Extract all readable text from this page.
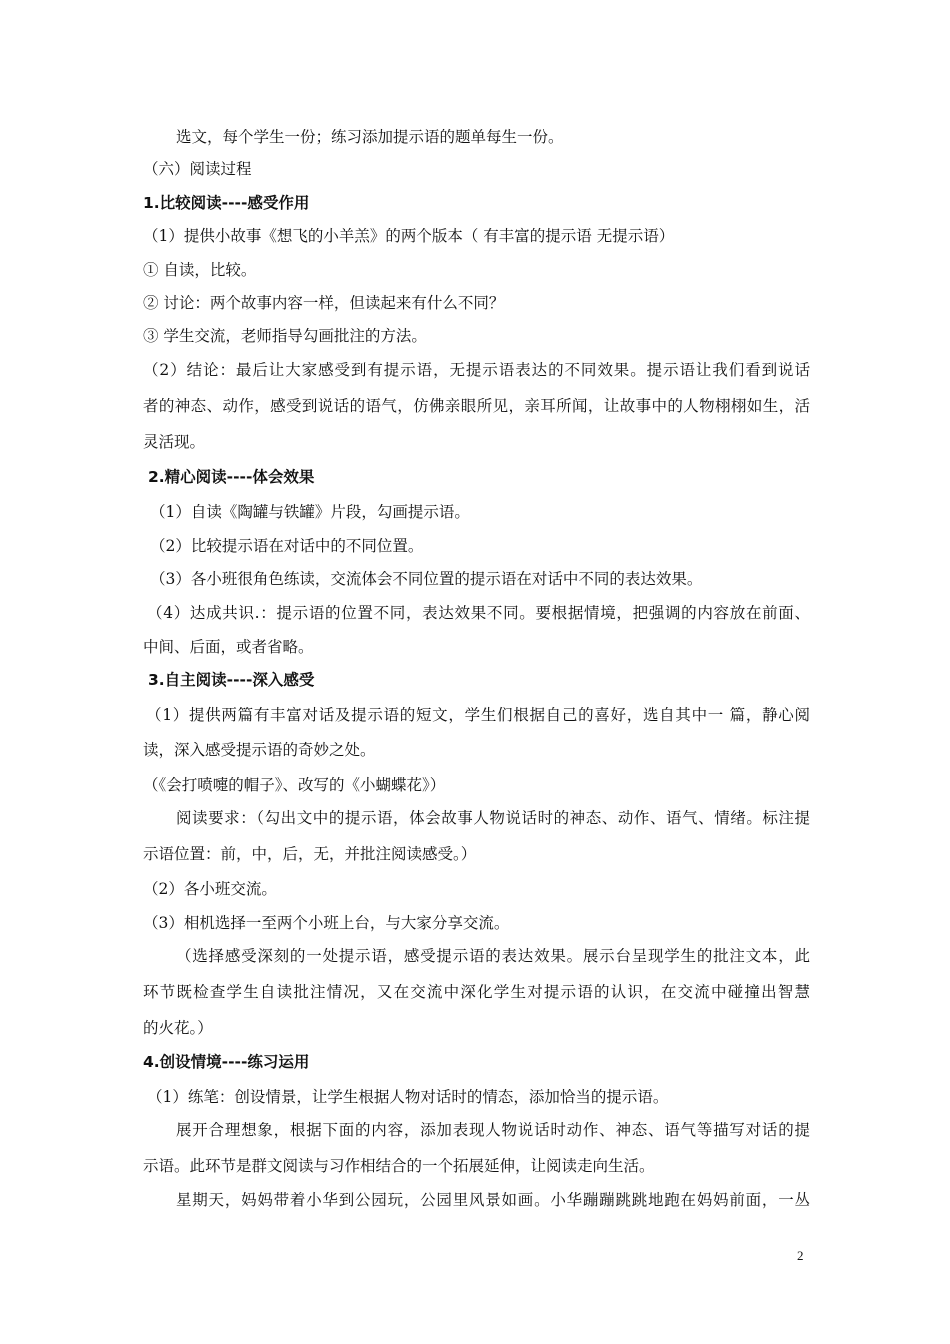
选文，每个学生一份；练习添加提示语的题单每生一份。
（六）阅读过程
1.比较阅读----感受作用
（1）提供小故事《想飞的小羊羔》的两个版本（ 有丰富的提示语 无提示语）
① 自读，比较。
② 讨论：两个故事内容一样，但读起来有什么不同？
③ 学生交流，老师指导勾画批注的方法。
（2）结论：最后让大家感受到有提示语，无提示语表达的不同效果。提示语让我们看到说话
者的神态、动作，感受到说话的语气，仿佛亲眼所见，亲耳所闻，让故事中的人物栩栩如生，活
灵活现。
2.精心阅读----体会效果
（1）自读《陶罐与铁罐》片段，勾画提示语。
（2）比较提示语在对话中的不同位置。
（3）各小班很角色练读，交流体会不同位置的提示语在对话中不同的表达效果。
（4）达成共识.：提示语的位置不同，表达效果不同。要根据情境，把强调的内容放在前面、
中间、后面，或者省略。
3.自主阅读----深入感受
（1）提供两篇有丰富对话及提示语的短文，学生们根据自己的喜好，选自其中一 篇，静心阅
读，深入感受提示语的奇妙之处。
（《会打喷嚏的帽子》、改写的《小蝴蝶花》）
阅读要求：（勾出文中的提示语，体会故事人物说话时的神态、动作、语气、情绪。标注提
示语位置：前，中，后，无，并批注阅读感受。）
（2）各小班交流。
（3）相机选择一至两个小班上台，与大家分享交流。
（选择感受深刻的一处提示语，感受提示语的表达效果。展示台呈现学生的批注文本，此
环节既检查学生自读批注情况，又在交流中深化学生对提示语的认识，在交流中碰撞出智慧
的火花。）
4.创设情境----练习运用
（1）练笔：创设情景，让学生根据人物对话时的情态，添加恰当的提示语。
展开合理想象，根据下面的内容，添加表现人物说话时动作、神态、语气等描写对话的提
示语。此环节是群文阅读与习作相结合的一个拓展延伸，让阅读走向生活。
星期天，妈妈带着小华到公园玩，公园里风景如画。小华蹦蹦跳跳地跑在妈妈前面，一丛
2
